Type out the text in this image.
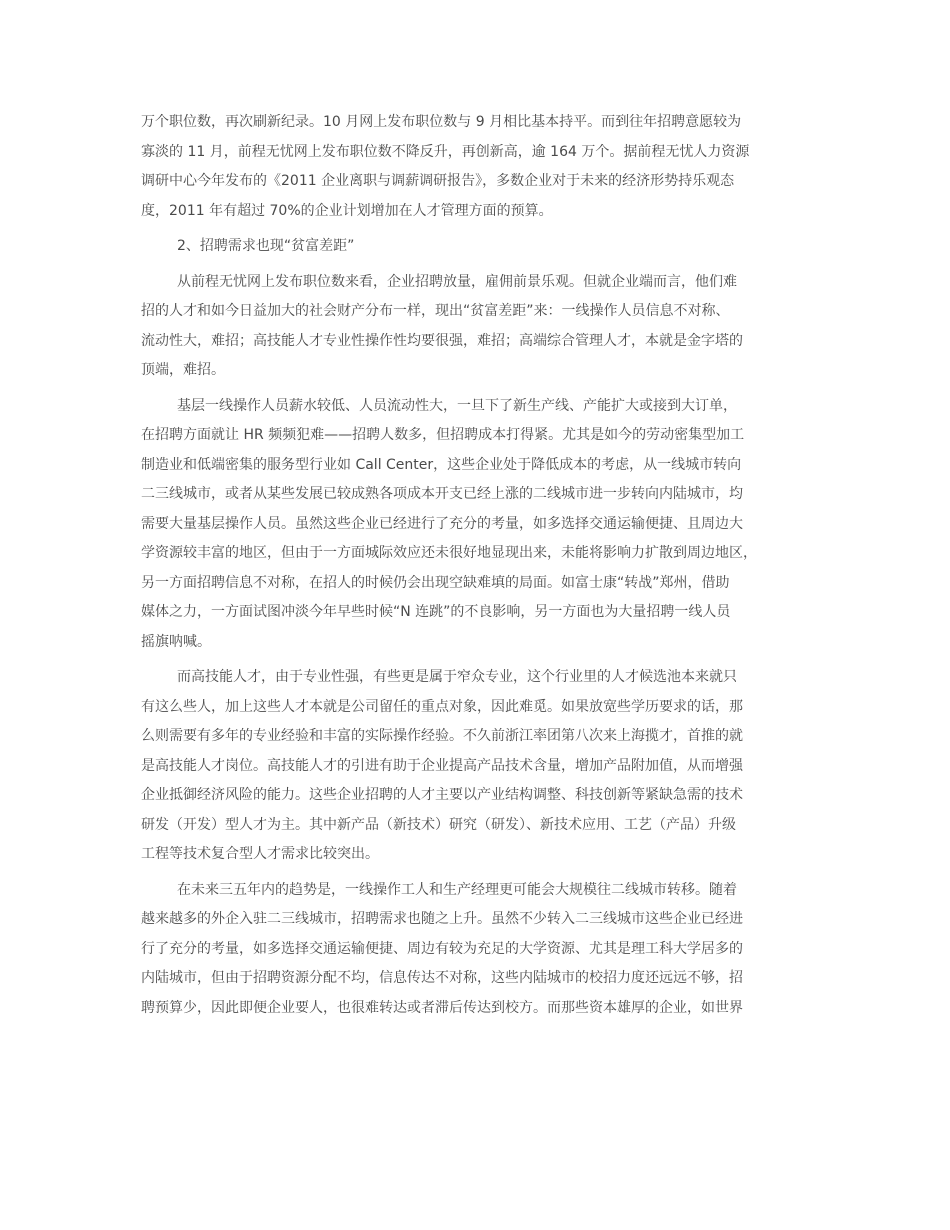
万个职位数，再次刷新纪录。10 月网上发布职位数与 9 月相比基本持平。而到往年招聘意愿较为
寡淡的 11 月，前程无忧网上发布职位数不降反升，再创新高，逾 164 万个。据前程无忧人力资源
调研中心今年发布的《2011 企业离职与调薪调研报告》，多数企业对于未来的经济形势持乐观态
度，2011 年有超过 70%的企业计划增加在人才管理方面的预算。
2、招聘需求也现“贫富差距”
从前程无忧网上发布职位数来看，企业招聘放量，雇佣前景乐观。但就企业端而言，他们难
招的人才和如今日益加大的社会财产分布一样，现出“贫富差距”来：一线操作人员信息不对称、
流动性大，难招；高技能人才专业性操作性均要很强，难招；高端综合管理人才，本就是金字塔的
顶端，难招。
基层一线操作人员薪水较低、人员流动性大，一旦下了新生产线、产能扩大或接到大订单，
在招聘方面就让 HR 频频犯难——招聘人数多，但招聘成本打得紧。尤其是如今的劳动密集型加工
制造业和低端密集的服务型行业如 Call Center，这些企业处于降低成本的考虑，从一线城市转向
二三线城市，或者从某些发展已较成熟各项成本开支已经上涨的二线城市进一步转向内陆城市，均
需要大量基层操作人员。虽然这些企业已经进行了充分的考量，如多选择交通运输便捷、且周边大
学资源较丰富的地区，但由于一方面城际效应还未很好地显现出来，未能将影响力扩散到周边地区，
另一方面招聘信息不对称，在招人的时候仍会出现空缺难填的局面。如富士康“转战”郑州，借助
媒体之力，一方面试图冲淡今年早些时候“N 连跳”的不良影响，另一方面也为大量招聘一线人员
摇旗呐喊。
而高技能人才，由于专业性强，有些更是属于窄众专业，这个行业里的人才候选池本来就只
有这么些人，加上这些人才本就是公司留任的重点对象，因此难觅。如果放宽些学历要求的话，那
么则需要有多年的专业经验和丰富的实际操作经验。不久前浙江率团第八次来上海揽才，首推的就
是高技能人才岗位。高技能人才的引进有助于企业提高产品技术含量，增加产品附加值，从而增强
企业抵御经济风险的能力。这些企业招聘的人才主要以产业结构调整、科技创新等紧缺急需的技术
研发（开发）型人才为主。其中新产品（新技术）研究（研发）、新技术应用、工艺（产品）升级
工程等技术复合型人才需求比较突出。
在未来三五年内的趋势是，一线操作工人和生产经理更可能会大规模往二线城市转移。随着
越来越多的外企入驻二三线城市，招聘需求也随之上升。虽然不少转入二三线城市这些企业已经进
行了充分的考量，如多选择交通运输便捷、周边有较为充足的大学资源、尤其是理工科大学居多的
内陆城市，但由于招聘资源分配不均，信息传达不对称，这些内陆城市的校招力度还远远不够，招
聘预算少，因此即便企业要人，也很难转达或者滞后传达到校方。而那些资本雄厚的企业，如世界
